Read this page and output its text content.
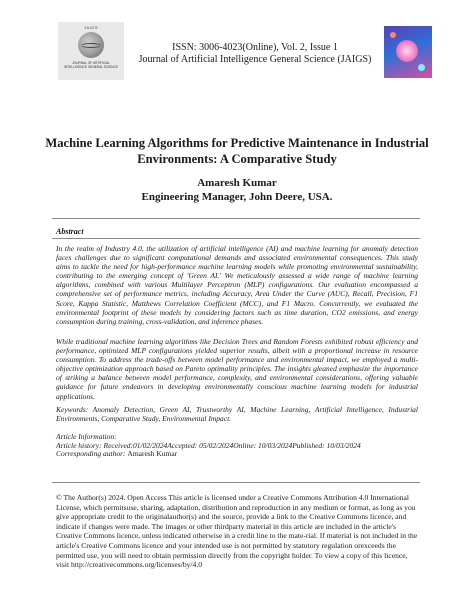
JAIGS
JOURNAL OF ARTIFICIAL INTELLIGENCE GENERAL SCIENCE
ISSN: 3006-4023(Online), Vol. 2, Issue 1
Journal of Artificial Intelligence General Science (JAIGS)
Machine Learning Algorithms for Predictive Maintenance in Industrial Environments: A Comparative Study
Amaresh Kumar
Engineering Manager, John Deere, USA.
Abstract
In the realm of Industry 4.0, the utilization of artificial intelligence (AI) and machine learning for anomaly detection faces challenges due to significant computational demands and associated environmental consequences. This study aims to tackle the need for high-performance machine learning models while promoting environmental sustainability, contributing to the emerging concept of 'Green AI.' We meticulously assessed a wide range of machine learning algorithms, combined with various Multilayer Perceptron (MLP) configurations. Our evaluation encompassed a comprehensive set of performance metrics, including Accuracy, Area Under the Curve (AUC), Recall, Precision, F1 Score, Kappa Statistic, Matthews Correlation Coefficient (MCC), and F1 Macro. Concurrently, we evaluated the environmental footprint of these models by considering factors such as time duration, CO2 emissions, and energy consumption during training, cross-validation, and inference phases.
While traditional machine learning algorithms like Decision Trees and Random Forests exhibited robust efficiency and performance, optimized MLP configurations yielded superior results, albeit with a proportional increase in resource consumption. To address the trade-offs between model performance and environmental impact, we employed a multi-objective optimization approach based on Pareto optimality principles. The insights gleaned emphasize the importance of striking a balance between model performance, complexity, and environmental considerations, offering valuable guidance for future endeavors in developing environmentally conscious machine learning models for industrial applications.
Keywords: Anomaly Detection, Green AI, Trustworthy AI, Machine Learning, Artificial Intelligence, Industrial Environments, Comparative Study, Environmental Impact.
Article Information:
Article history: Received:01/02/2024Accepted: 05/02/2024Online: 10/03/2024Published: 10/03/2024
Corresponding author: Amaresh Kumar
© The Author(s) 2024. Open Access This article is licensed under a Creative Commons Attribution 4.0 International License, which permitsuse, sharing, adaptation, distribution and reproduction in any medium or format, as long as you give appropriate credit to the originalauthor(s) and the source, provide a link to the Creative Commons licence, and indicate if changes were made. The images or other thirdparty material in this article are included in the article's Creative Commons licence, unless indicated otherwise in a credit line to the mate-rial. If material is not included in the article's Creative Commons licence and your intended use is not permitted by statutory regulation orexceeds the permitted use, you will need to obtain permission directly from the copyright holder. To view a copy of this licence, visit http://creativecommons.org/licenses/by/4.0
